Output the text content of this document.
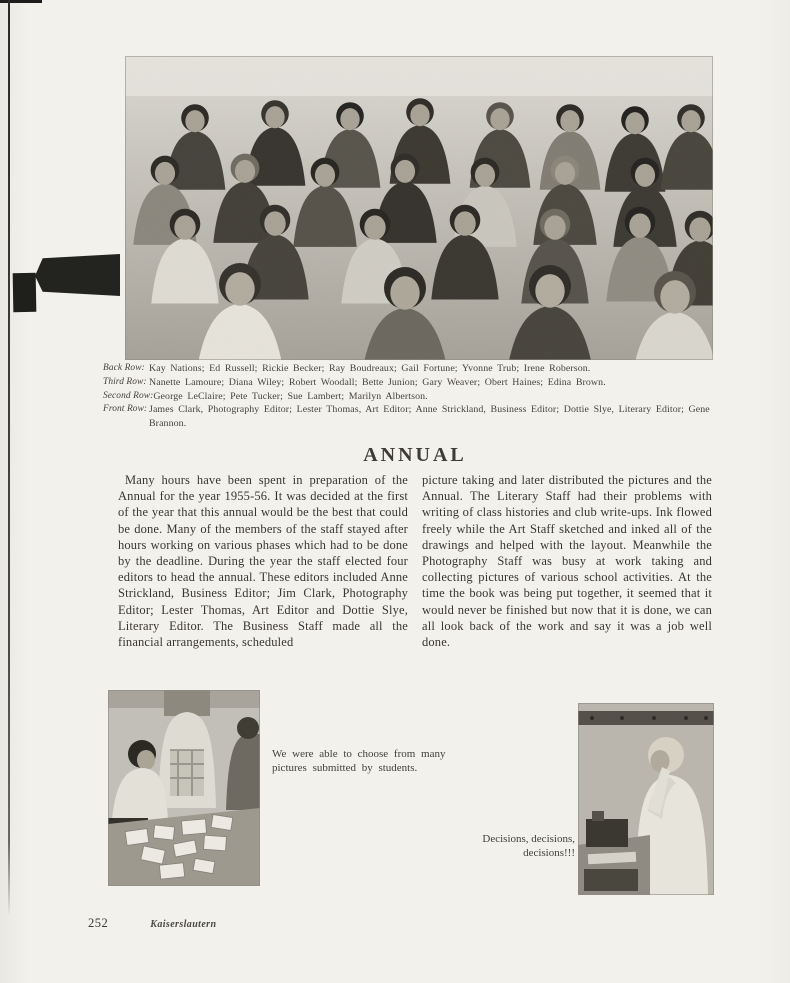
Back Row: Kay Nations; Ed Russell; Rickie Becker; Ray Boudreaux; Gail Fortune; Yvonne Trub; Irene Roberson.
Third Row: Nanette Lamoure; Diana Wiley; Robert Woodall; Bette Junion; Gary Weaver; Obert Haines; Edina Brown.
Second Row: George LeClaire; Pete Tucker; Sue Lambert; Marilyn Albertson.
Front Row: James Clark, Photography Editor; Lester Thomas, Art Editor; Anne Strickland, Business Editor; Dottie Slye, Literary Editor; Gene Brannon.
ANNUAL

Many hours have been spent in preparation of the Annual for the year 1955-56. It was decided at the first of the year that this annual would be the best that could be done. Many of the members of the staff stayed after hours working on various phases which had to be done by the deadline. During the year the staff elected four editors to head the annual. These editors included Anne Strickland, Business Editor; Jim Clark, Photography Editor; Lester Thomas, Art Editor and Dottie Slye, Literary Editor. The Business Staff made all the financial arrangements, scheduled

picture taking and later distributed the pictures and the Annual. The Literary Staff had their problems with writing of class histories and club write-ups. Ink flowed freely while the Art Staff sketched and inked all of the drawings and helped with the layout. Meanwhile the Photography Staff was busy at work taking and collecting pictures of various school activities. At the time the book was being put together, it seemed that it would never be finished but now that it is done, we can all look back of the work and say it was a job well done.

We were able to choose from many pictures submitted by students.
Decisions, decisions, decisions!!!
252	Kaiserslautern
